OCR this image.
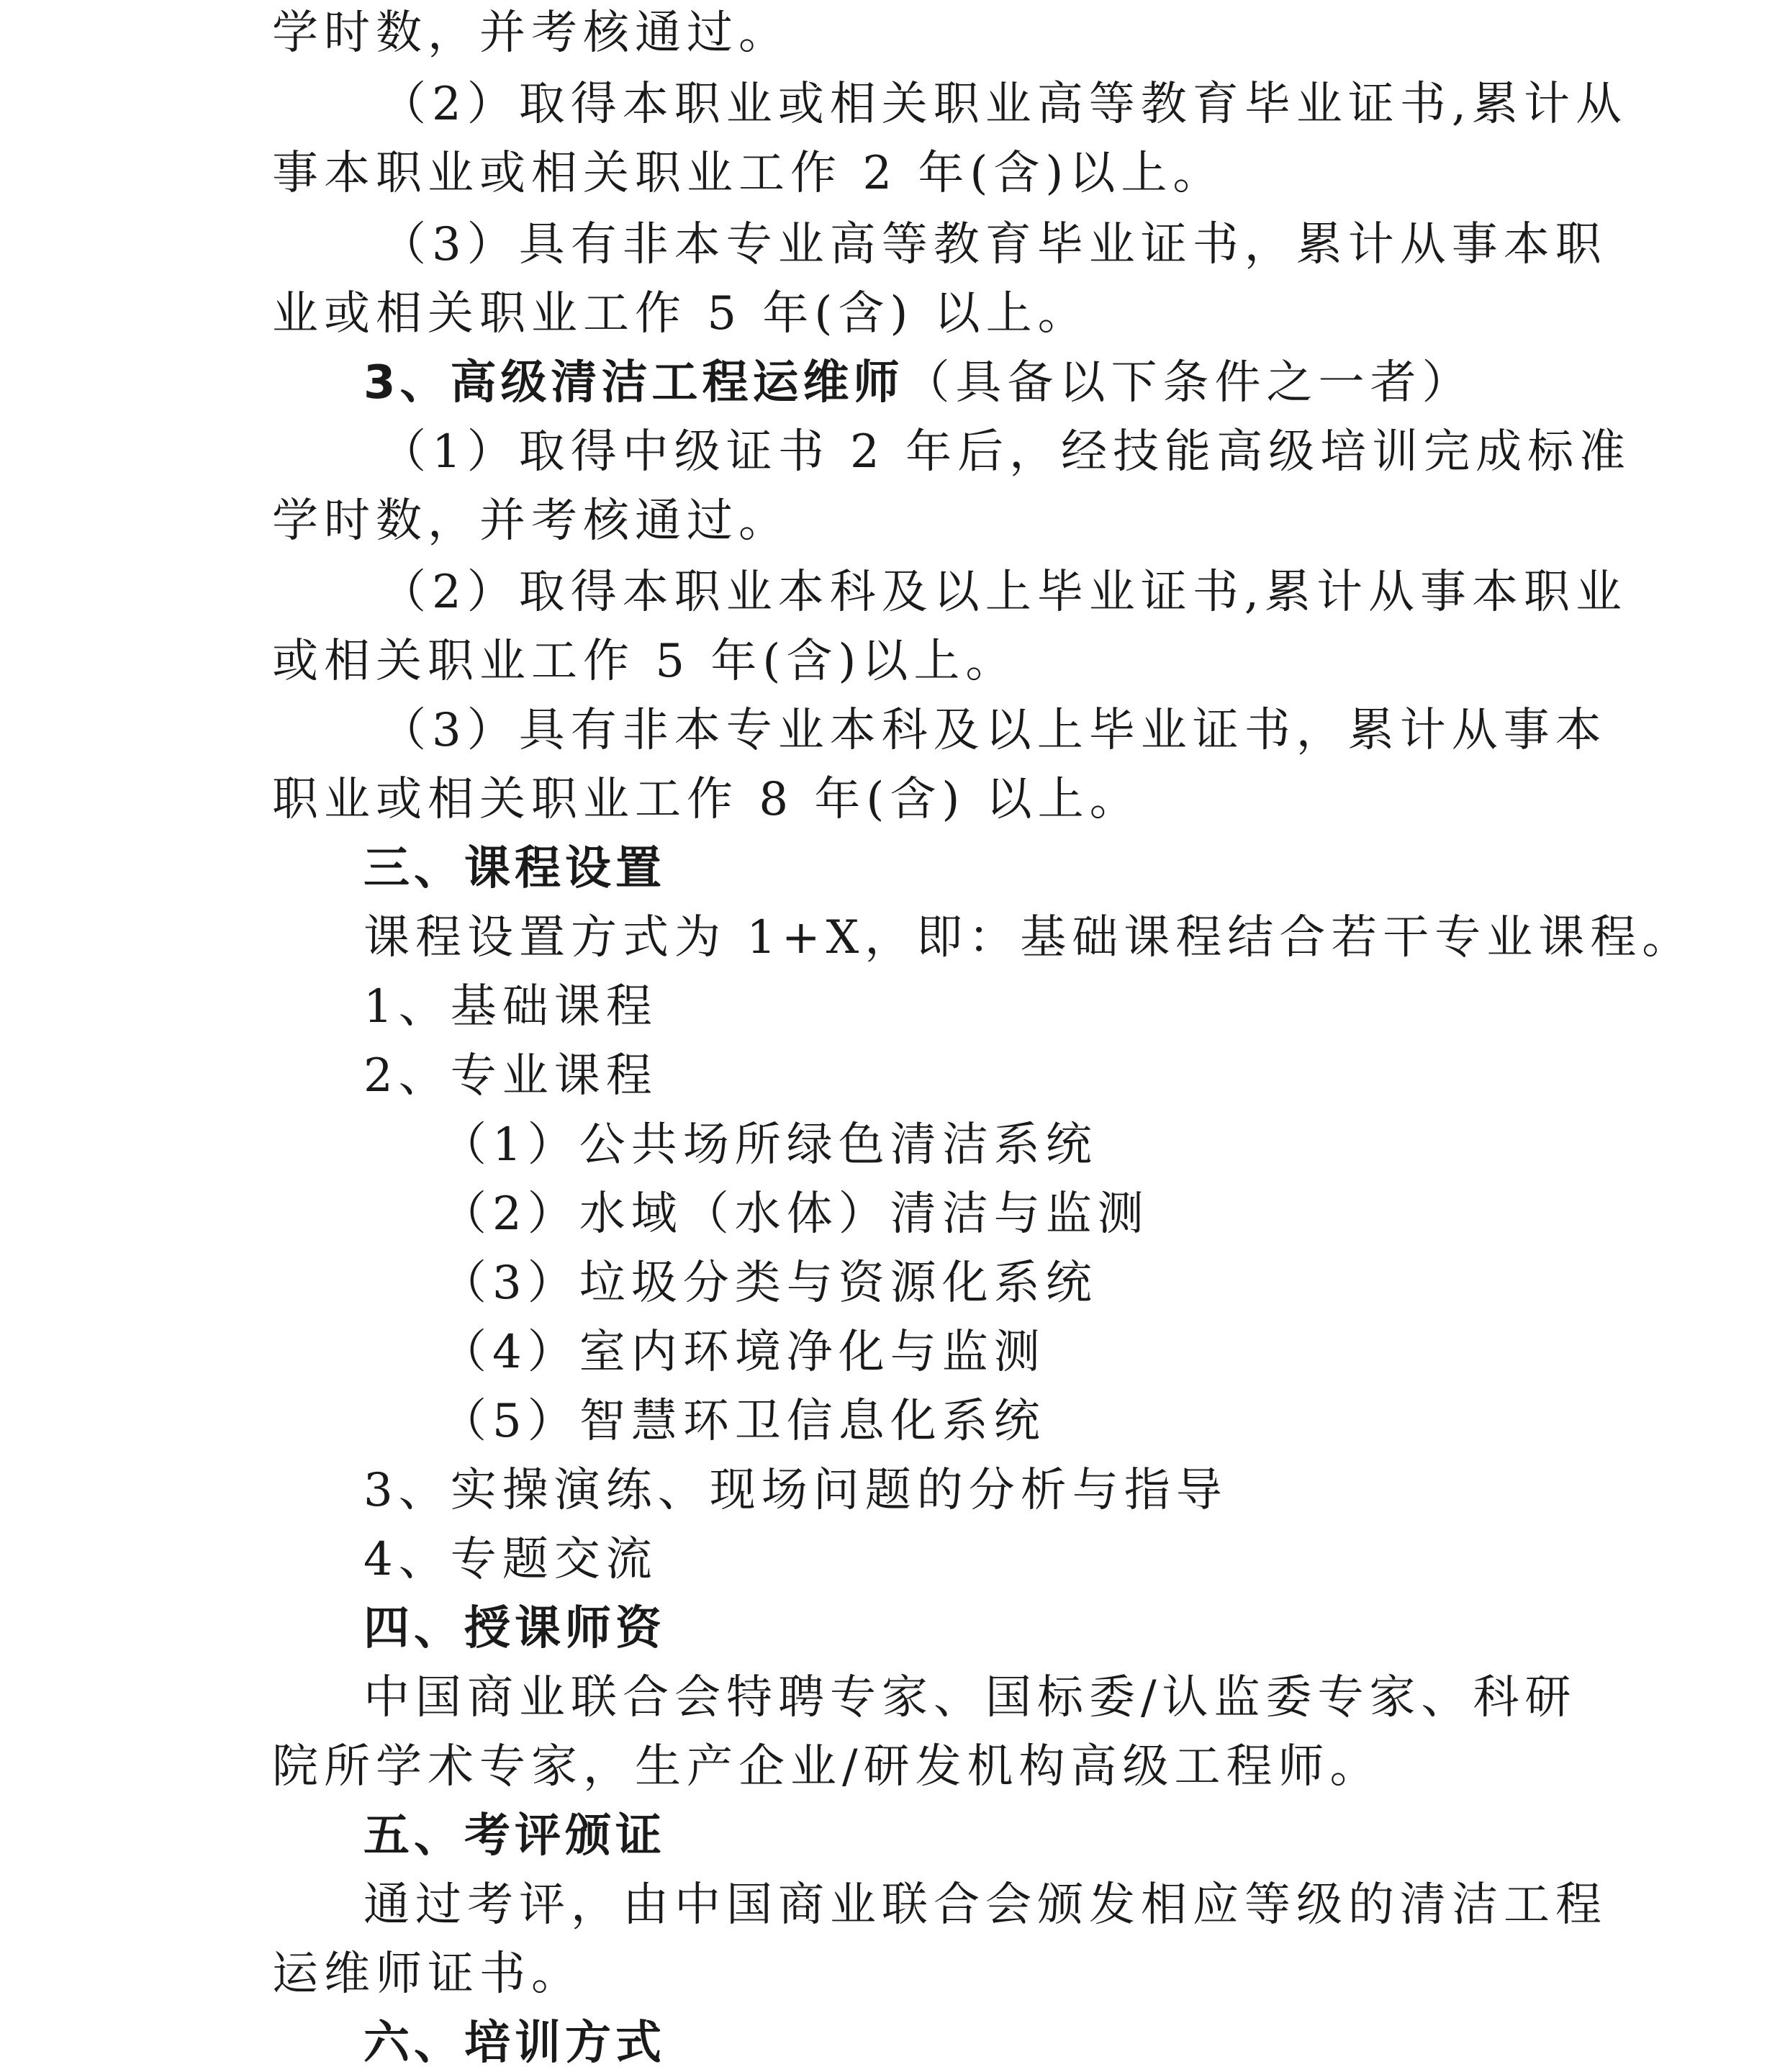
学时数，并考核通过。

（2）取得本职业或相关职业高等教育毕业证书,累计从

事本职业或相关职业工作 2 年(含)以上。

（3）具有非本专业高等教育毕业证书，累计从事本职

业或相关职业工作 5 年(含) 以上。

3、高级清洁工程运维师（具备以下条件之一者）

（1）取得中级证书 2 年后，经技能高级培训完成标准

学时数，并考核通过。

（2）取得本职业本科及以上毕业证书,累计从事本职业

或相关职业工作 5 年(含)以上。

（3）具有非本专业本科及以上毕业证书，累计从事本

职业或相关职业工作 8 年(含) 以上。

三、课程设置

课程设置方式为 1+X，即：基础课程结合若干专业课程。

1、基础课程

2、专业课程

（1）公共场所绿色清洁系统

（2）水域（水体）清洁与监测

（3）垃圾分类与资源化系统

（4）室内环境净化与监测

（5）智慧环卫信息化系统

3、实操演练、现场问题的分析与指导

4、专题交流

四、授课师资

中国商业联合会特聘专家、国标委/认监委专家、科研

院所学术专家，生产企业/研发机构高级工程师。

五、考评颁证

通过考评，由中国商业联合会颁发相应等级的清洁工程

运维师证书。

六、培训方式
